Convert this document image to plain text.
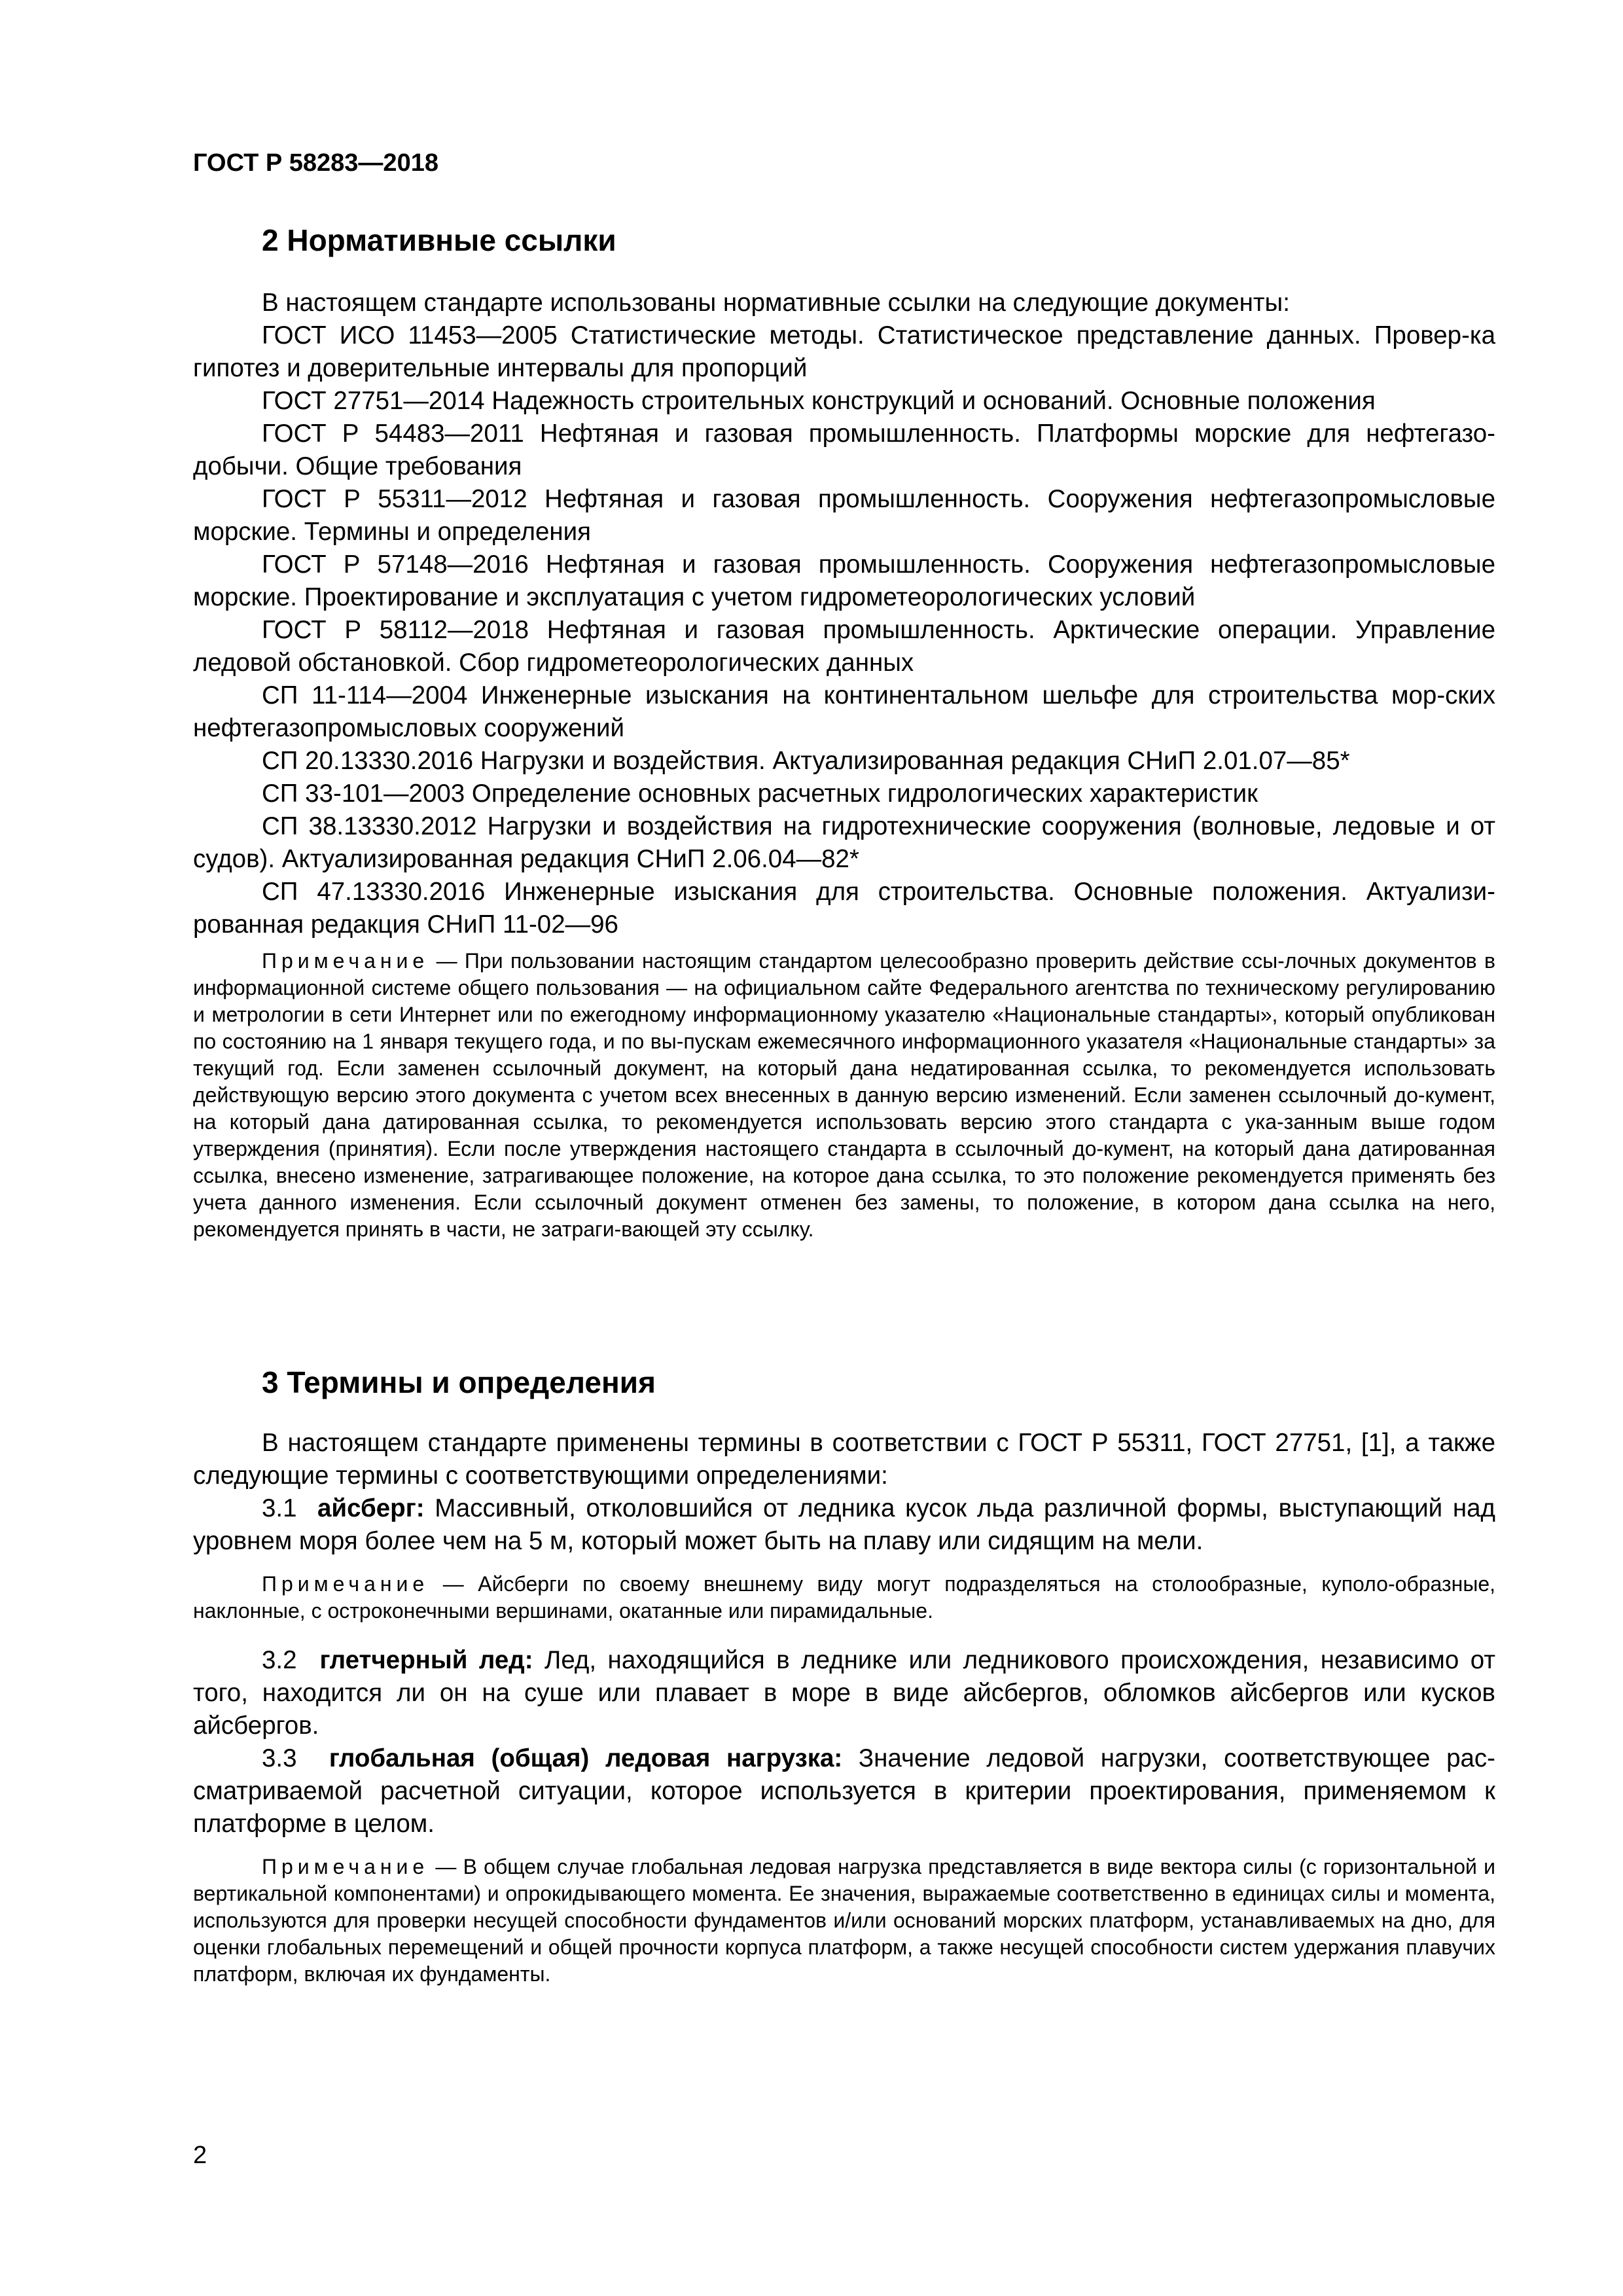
ГОСТ Р 58283—2018
2 Нормативные ссылки

В настоящем стандарте использованы нормативные ссылки на следующие документы:

ГОСТ ИСО 11453—2005 Статистические методы. Статистическое представление данных. Провер-ка гипотез и доверительные интервалы для пропорций

ГОСТ 27751—2014 Надежность строительных конструкций и оснований. Основные положения

ГОСТ Р 54483—2011 Нефтяная и газовая промышленность. Платформы морские для нефтегазо-добычи. Общие требования

ГОСТ Р 55311—2012 Нефтяная и газовая промышленность. Сооружения нефтегазопромысловые морские. Термины и определения

ГОСТ Р 57148—2016 Нефтяная и газовая промышленность. Сооружения нефтегазопромысловые морские. Проектирование и эксплуатация с учетом гидрометеорологических условий

ГОСТ Р 58112—2018 Нефтяная и газовая промышленность. Арктические операции. Управление ледовой обстановкой. Сбор гидрометеорологических данных

СП 11-114—2004 Инженерные изыскания на континентальном шельфе для строительства мор-ских нефтегазопромысловых сооружений

СП 20.13330.2016 Нагрузки и воздействия. Актуализированная редакция СНиП 2.01.07—85*

СП 33-101—2003 Определение основных расчетных гидрологических характеристик

СП 38.13330.2012 Нагрузки и воздействия на гидротехнические сооружения (волновые, ледовые и от судов). Актуализированная редакция СНиП 2.06.04—82*

СП 47.13330.2016 Инженерные изыскания для строительства. Основные положения. Актуализи-рованная редакция СНиП 11-02—96

Примечание — При пользовании настоящим стандартом целесообразно проверить действие ссы-лочных документов в информационной системе общего пользования — на официальном сайте Федерального агентства по техническому регулированию и метрологии в сети Интернет или по ежегодному информационному указателю «Национальные стандарты», который опубликован по состоянию на 1 января текущего года, и по вы-пускам ежемесячного информационного указателя «Национальные стандарты» за текущий год. Если заменен ссылочный документ, на который дана недатированная ссылка, то рекомендуется использовать действующую версию этого документа с учетом всех внесенных в данную версию изменений. Если заменен ссылочный до-кумент, на который дана датированная ссылка, то рекомендуется использовать версию этого стандарта с ука-занным выше годом утверждения (принятия). Если после утверждения настоящего стандарта в ссылочный до-кумент, на который дана датированная ссылка, внесено изменение, затрагивающее положение, на которое дана ссылка, то это положение рекомендуется применять без учета данного изменения. Если ссылочный документ отменен без замены, то положение, в котором дана ссылка на него, рекомендуется принять в части, не затраги-вающей эту ссылку.

3 Термины и определения

В настоящем стандарте применены термины в соответствии с ГОСТ Р 55311, ГОСТ 27751, [1], а также следующие термины с соответствующими определениями:

3.1 айсберг: Массивный, отколовшийся от ледника кусок льда различной формы, выступающий над уровнем моря более чем на 5 м, который может быть на плаву или сидящим на мели.

Примечание — Айсберги по своему внешнему виду могут подразделяться на столообразные, куполо-образные, наклонные, с остроконечными вершинами, окатанные или пирамидальные.

3.2 глетчерный лед: Лед, находящийся в леднике или ледникового происхождения, независимо от того, находится ли он на суше или плавает в море в виде айсбергов, обломков айсбергов или кусков айсбергов.

3.3 глобальная (общая) ледовая нагрузка: Значение ледовой нагрузки, соответствующее рас-сматриваемой расчетной ситуации, которое используется в критерии проектирования, применяемом к платформе в целом.

Примечание — В общем случае глобальная ледовая нагрузка представляется в виде вектора силы (с горизонтальной и вертикальной компонентами) и опрокидывающего момента. Ее значения, выражаемые соответственно в единицах силы и момента, используются для проверки несущей способности фундаментов и/или оснований морских платформ, устанавливаемых на дно, для оценки глобальных перемещений и общей прочности корпуса платформ, а также несущей способности систем удержания плавучих платформ, включая их фундаменты.

2
